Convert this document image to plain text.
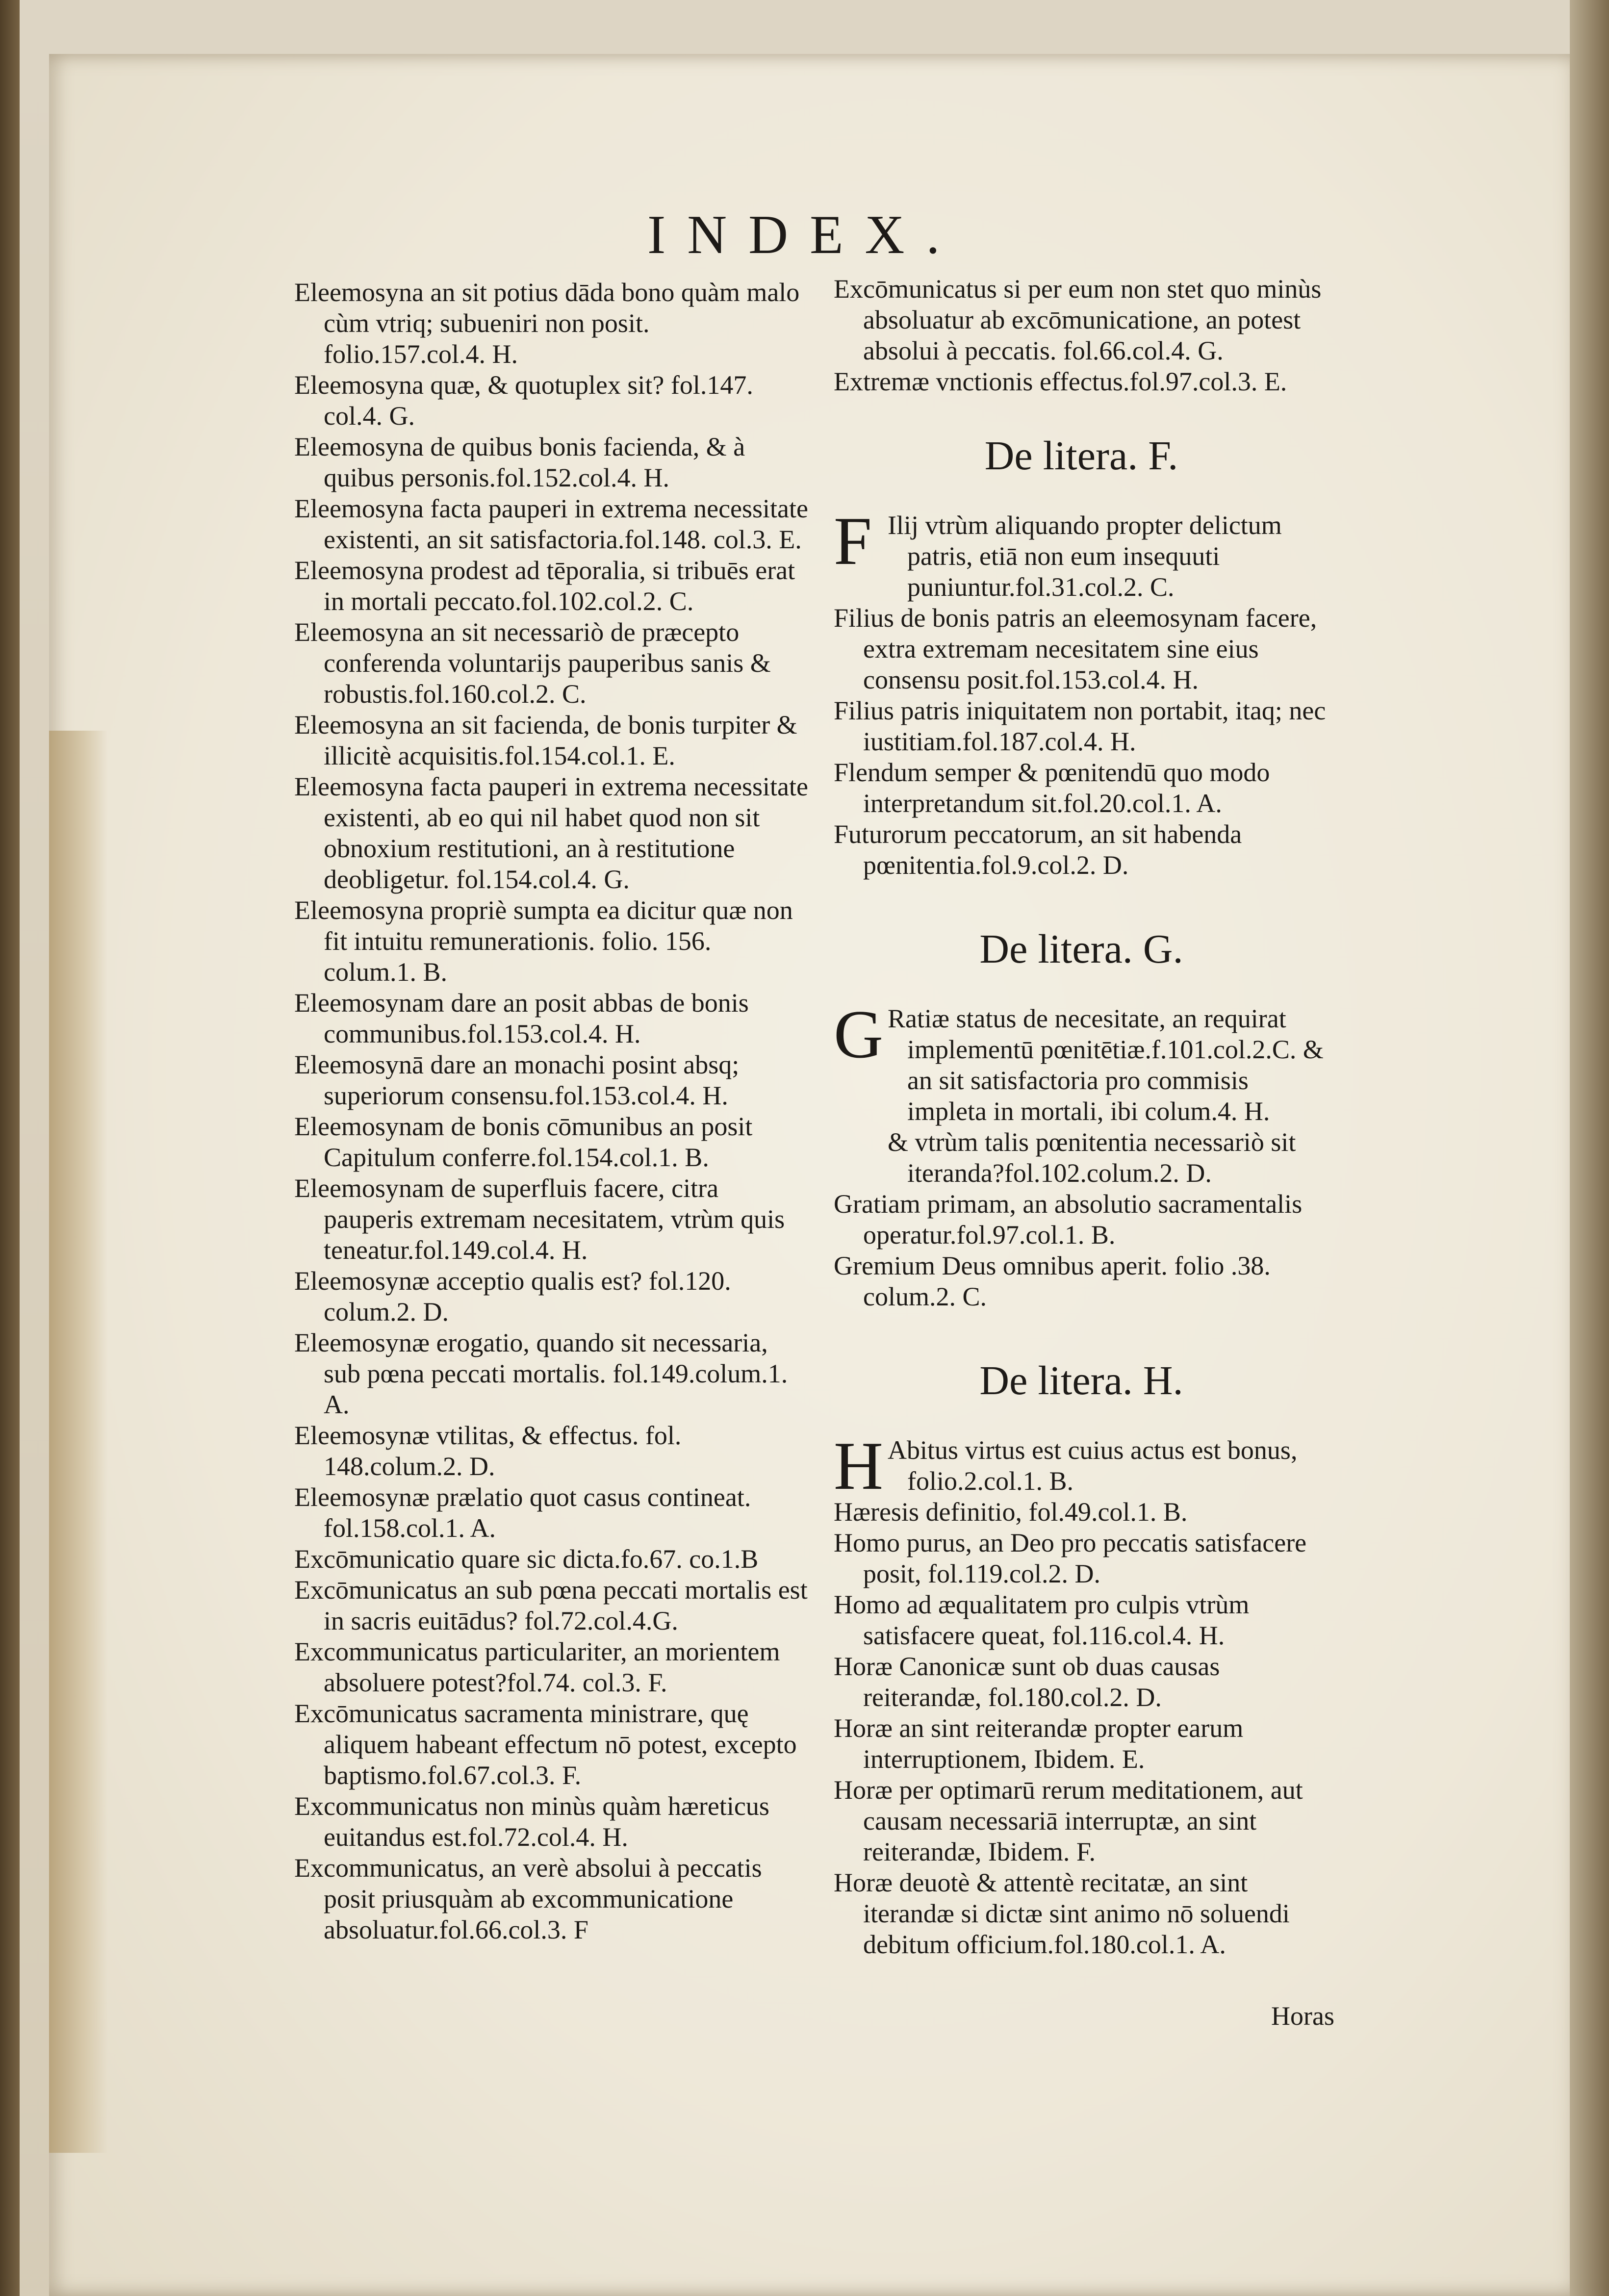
INDEX.

Eleemosyna an sit potius dāda bono quàm malo cùm vtriq; subueniri non posit. folio.157.col.4. H.

Eleemosyna quæ, & quotuplex sit? fol.147. col.4. G.

Eleemosyna de quibus bonis facienda, & à quibus personis.fol.152.col.4. H.

Eleemosyna facta pauperi in extrema necessitate existenti, an sit satisfactoria.fol.148. col.3. E.

Eleemosyna prodest ad tēporalia, si tribuēs erat in mortali peccato.fol.102.col.2. C.

Eleemosyna an sit necessariò de præcepto conferenda voluntarijs pauperibus sanis & robustis.fol.160.col.2. C.

Eleemosyna an sit facienda, de bonis turpiter & illicitè acquisitis.fol.154.col.1. E.

Eleemosyna facta pauperi in extrema necessitate existenti, ab eo qui nil habet quod non sit obnoxium restitutioni, an à restitutione deobligetur. fol.154.col.4. G.

Eleemosyna propriè sumpta ea dicitur quæ non fit intuitu remunerationis. folio. 156. colum.1. B.

Eleemosynam dare an posit abbas de bonis communibus.fol.153.col.4. H.

Eleemosynā dare an monachi posint absq; superiorum consensu.fol.153.col.4. H.

Eleemosynam de bonis cōmunibus an posit Capitulum conferre.fol.154.col.1. B.

Eleemosynam de superfluis facere, citra pauperis extremam necesitatem, vtrùm quis teneatur.fol.149.col.4. H.

Eleemosynæ acceptio qualis est? fol.120. colum.2. D.

Eleemosynæ erogatio, quando sit necessaria, sub pœna peccati mortalis. fol.149.colum.1. A.

Eleemosynæ vtilitas, & effectus. fol. 148.colum.2. D.

Eleemosynæ prælatio quot casus contineat. fol.158.col.1. A.

Excōmunicatio quare sic dicta.fo.67. co.1.B

Excōmunicatus an sub pœna peccati mortalis est in sacris euitādus? fol.72.col.4.G.

Excommunicatus particulariter, an morientem absoluere potest?fol.74. col.3. F.

Excōmunicatus sacramenta ministrare, quę aliquem habeant effectum nō potest, excepto baptismo.fol.67.col.3. F.

Excommunicatus non minùs quàm hæreticus euitandus est.fol.72.col.4. H.

Excommunicatus, an verè absolui à peccatis posit priusquàm ab excommunicatione absoluatur.fol.66.col.3. F

Excōmunicatus si per eum non stet quo minùs absoluatur ab excōmunicatione, an potest absolui à peccatis. fol.66.col.4. G.

Extremæ vnctionis effectus.fol.97.col.3. E.

De litera. F.
F Ilij vtrùm aliquando propter delictum patris, etiā non eum insequuti puniuntur.fol.31.col.2. C.

Filius de bonis patris an eleemosynam facere, extra extremam necesitatem sine eius consensu posit.fol.153.col.4. H.

Filius patris iniquitatem non portabit, itaq; nec iustitiam.fol.187.col.4. H.

Flendum semper & pœnitendū quo modo interpretandum sit.fol.20.col.1. A.

Futurorum peccatorum, an sit habenda pœnitentia.fol.9.col.2. D.

De litera. G.
G Ratiæ status de necesitate, an requirat implementū pœnitētiæ.f.101.col.2.C. & an sit satisfactoria pro commisis impleta in mortali, ibi colum.4. H.

& vtrùm talis pœnitentia necessariò sit iteranda?fol.102.colum.2. D.

Gratiam primam, an absolutio sacramentalis operatur.fol.97.col.1. B.

Gremium Deus omnibus aperit. folio .38. colum.2. C.

De litera. H.
H Abitus virtus est cuius actus est bonus, folio.2.col.1. B.

Hæresis definitio, fol.49.col.1. B.

Homo purus, an Deo pro peccatis satisfacere posit, fol.119.col.2. D.

Homo ad æqualitatem pro culpis vtrùm satisfacere queat, fol.116.col.4. H.

Horæ Canonicæ sunt ob duas causas reiterandæ, fol.180.col.2. D.

Horæ an sint reiterandæ propter earum interruptionem, Ibidem. E.

Horæ per optimarū rerum meditationem, aut causam necessariā interruptæ, an sint reiterandæ, Ibidem. F.

Horæ deuotè & attentè recitatæ, an sint iterandæ si dictæ sint animo nō soluendi debitum officium.fol.180.col.1. A.

Horas
